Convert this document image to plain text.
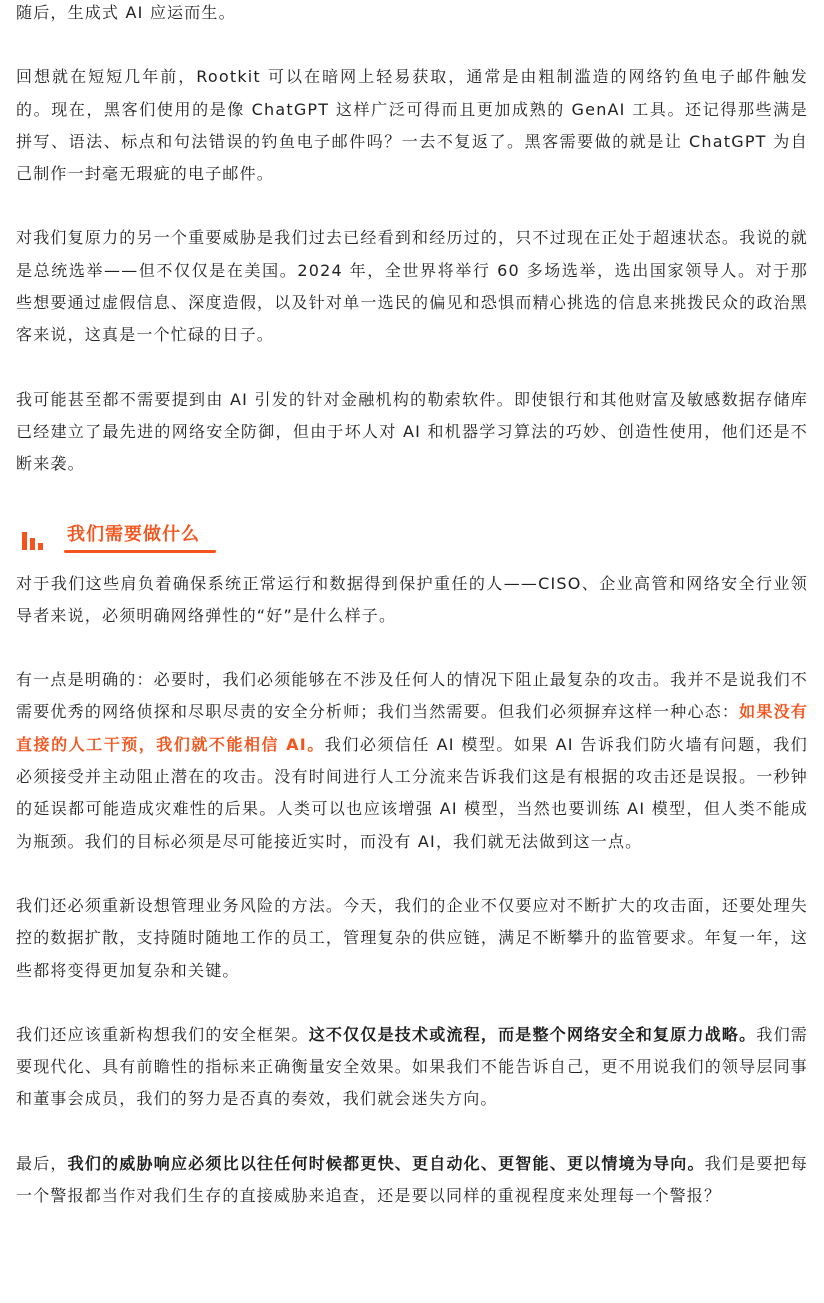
随后，生成式 AI 应运而生。

回想就在短短几年前，Rootkit 可以在暗网上轻易获取，通常是由粗制滥造的网络钓鱼电子邮件触发的。现在，黑客们使用的是像 ChatGPT 这样广泛可得而且更加成熟的 GenAI 工具。还记得那些满是拼写、语法、标点和句法错误的钓鱼电子邮件吗？一去不复返了。黑客需要做的就是让 ChatGPT 为自己制作一封毫无瑕疵的电子邮件。

对我们复原力的另一个重要威胁是我们过去已经看到和经历过的，只不过现在正处于超速状态。我说的就是总统选举——但不仅仅是在美国。2024 年，全世界将举行 60 多场选举，选出国家领导人。对于那些想要通过虚假信息、深度造假，以及针对单一选民的偏见和恐惧而精心挑选的信息来挑拨民众的政治黑客来说，这真是一个忙碌的日子。

我可能甚至都不需要提到由 AI 引发的针对金融机构的勒索软件。即使银行和其他财富及敏感数据存储库已经建立了最先进的网络安全防御，但由于坏人对 AI 和机器学习算法的巧妙、创造性使用，他们还是不断来袭。

我们需要做什么

对于我们这些肩负着确保系统正常运行和数据得到保护重任的人——CISO、企业高管和网络安全行业领导者来说，必须明确网络弹性的“好”是什么样子。

有一点是明确的：必要时，我们必须能够在不涉及任何人的情况下阻止最复杂的攻击。我并不是说我们不需要优秀的网络侦探和尽职尽责的安全分析师；我们当然需要。但我们必须摒弃这样一种心态：如果没有直接的人工干预，我们就不能相信 AI。我们必须信任 AI 模型。如果 AI 告诉我们防火墙有问题，我们必须接受并主动阻止潜在的攻击。没有时间进行人工分流来告诉我们这是有根据的攻击还是误报。一秒钟的延误都可能造成灾难性的后果。人类可以也应该增强 AI 模型，当然也要训练 AI 模型，但人类不能成为瓶颈。我们的目标必须是尽可能接近实时，而没有 AI，我们就无法做到这一点。

我们还必须重新设想管理业务风险的方法。今天，我们的企业不仅要应对不断扩大的攻击面，还要处理失控的数据扩散，支持随时随地工作的员工，管理复杂的供应链，满足不断攀升的监管要求。年复一年，这些都将变得更加复杂和关键。

我们还应该重新构想我们的安全框架。这不仅仅是技术或流程，而是整个网络安全和复原力战略。我们需要现代化、具有前瞻性的指标来正确衡量安全效果。如果我们不能告诉自己，更不用说我们的领导层同事和董事会成员，我们的努力是否真的奏效，我们就会迷失方向。

最后，我们的威胁响应必须比以往任何时候都更快、更自动化、更智能、更以情境为导向。我们是要把每一个警报都当作对我们生存的直接威胁来追查，还是要以同样的重视程度来处理每一个警报？
